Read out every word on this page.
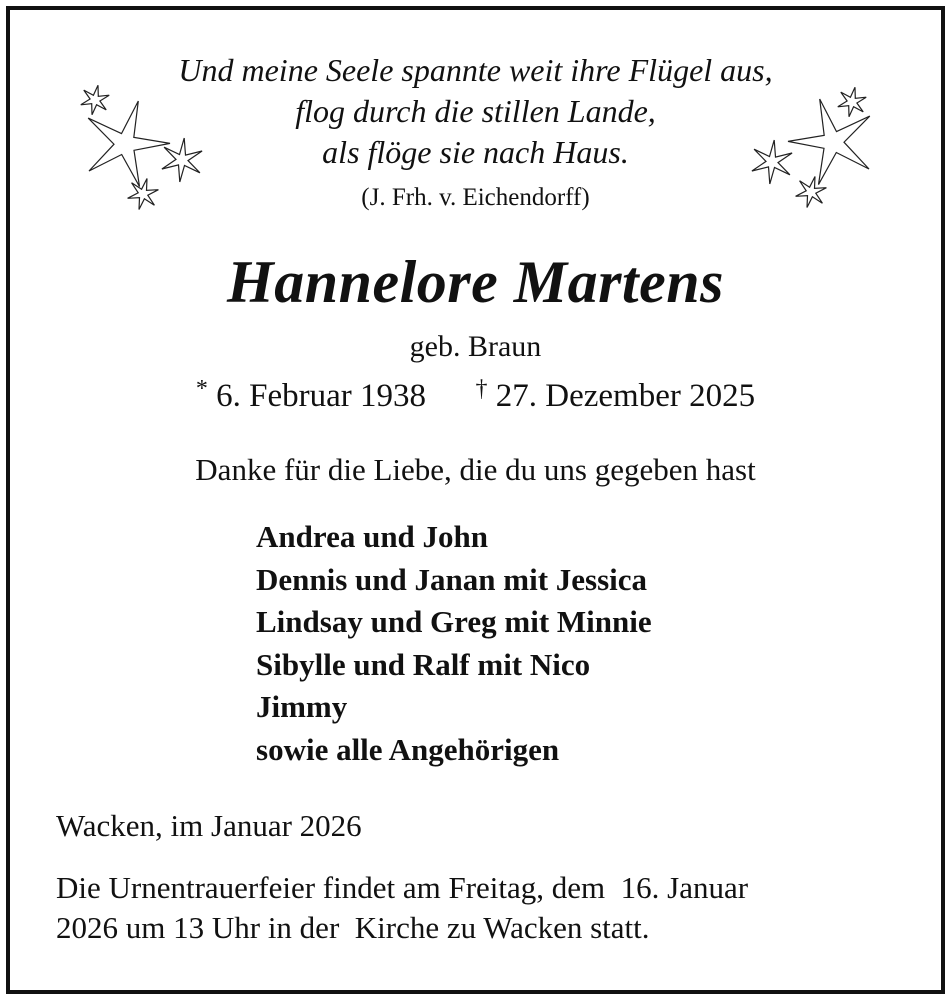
Und meine Seele spannte weit ihre Flügel aus,
flog durch die stillen Lande,
als flöge sie nach Haus.
(J. Frh. v. Eichendorff)
Hannelore Martens
geb. Braun
* 6. Februar 1938 † 27. Dezember 2025
Danke für die Liebe, die du uns gegeben hast
Andrea und John
Dennis und Janan mit Jessica
Lindsay und Greg mit Minnie
Sibylle und Ralf mit Nico
Jimmy
sowie alle Angehörigen
Wacken, im Januar 2026
Die Urnentrauerfeier findet am Freitag, dem  16. Januar
2026 um 13 Uhr in der  Kirche zu Wacken statt.
